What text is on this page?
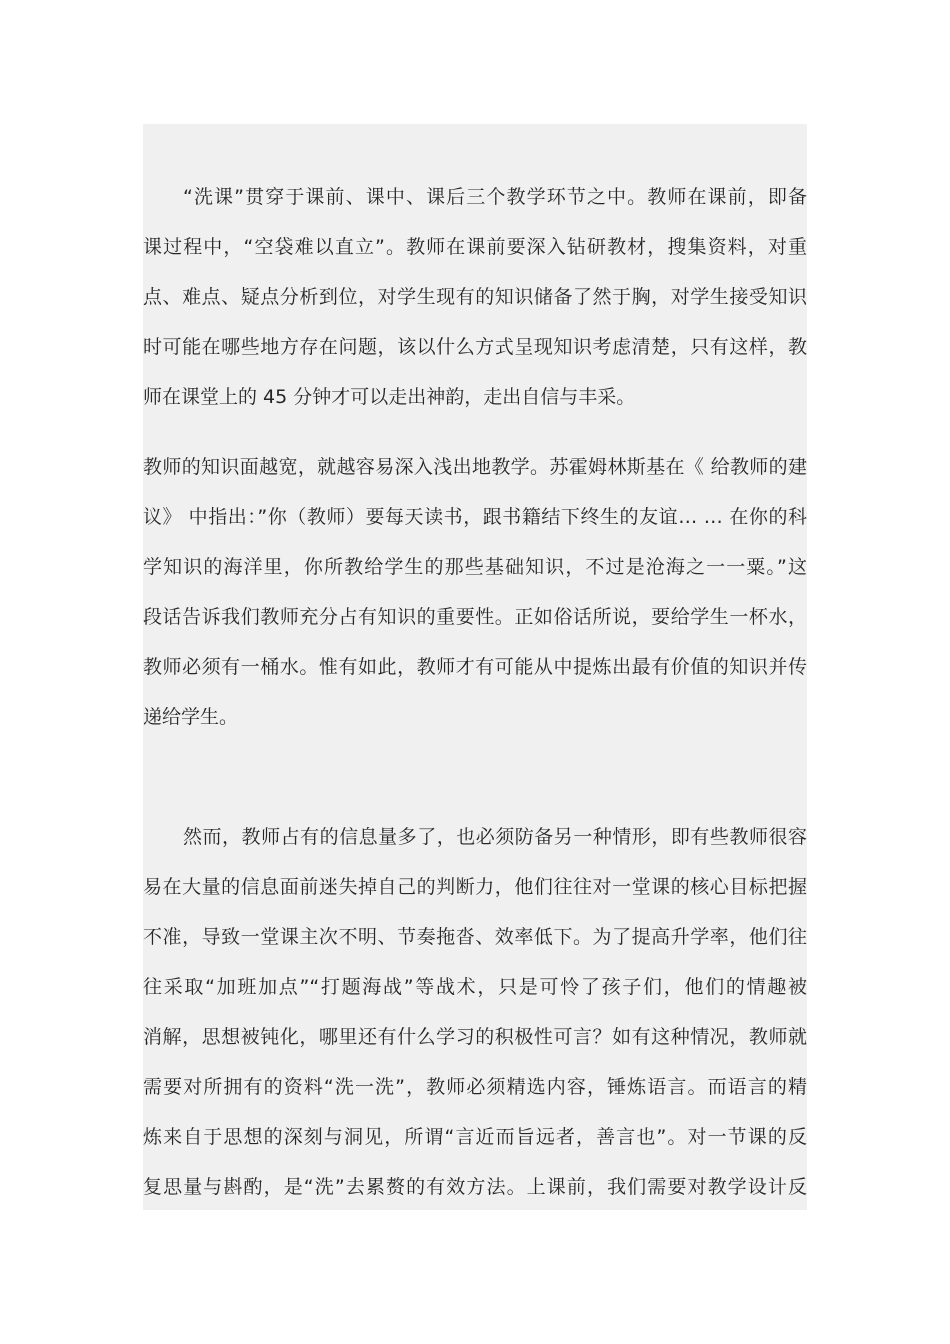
“洗课”贯穿于课前、课中、课后三个教学环节之中。教师在课前，即备
课过程中，“空袋难以直立”。教师在课前要深入钻研教材，搜集资料，对重
点、难点、疑点分析到位，对学生现有的知识储备了然于胸，对学生接受知识
时可能在哪些地方存在问题，该以什么方式呈现知识考虑清楚，只有这样，教
师在课堂上的 45 分钟才可以走出神韵，走出自信与丰采。
教师的知识面越宽，就越容易深入浅出地教学。苏霍姆林斯基在《 给教师的建
议》 中指出：”你（教师）要每天读书，跟书籍结下终生的友谊… … 在你的科
学知识的海洋里，你所教给学生的那些基础知识，不过是沧海之一一粟。”这
段话告诉我们教师充分占有知识的重要性。正如俗话所说，要给学生一杯水，
教师必须有一桶水。惟有如此，教师才有可能从中提炼出最有价值的知识并传
递给学生。
然而，教师占有的信息量多了，也必须防备另一种情形，即有些教师很容
易在大量的信息面前迷失掉自己的判断力，他们往往对一堂课的核心目标把握
不准，导致一堂课主次不明、节奏拖沓、效率低下。为了提高升学率，他们往
往采取“加班加点”“打题海战”等战术，只是可怜了孩子们，他们的情趣被
消解，思想被钝化，哪里还有什么学习的积极性可言？如有这种情况，教师就
需要对所拥有的资料“洗一洗”，教师必须精选内容，锤炼语言。而语言的精
炼来自于思想的深刻与洞见，所谓“言近而旨远者，善言也”。对一节课的反
复思量与斟酌，是“洗”去累赘的有效方法。上课前，我们需要对教学设计反
